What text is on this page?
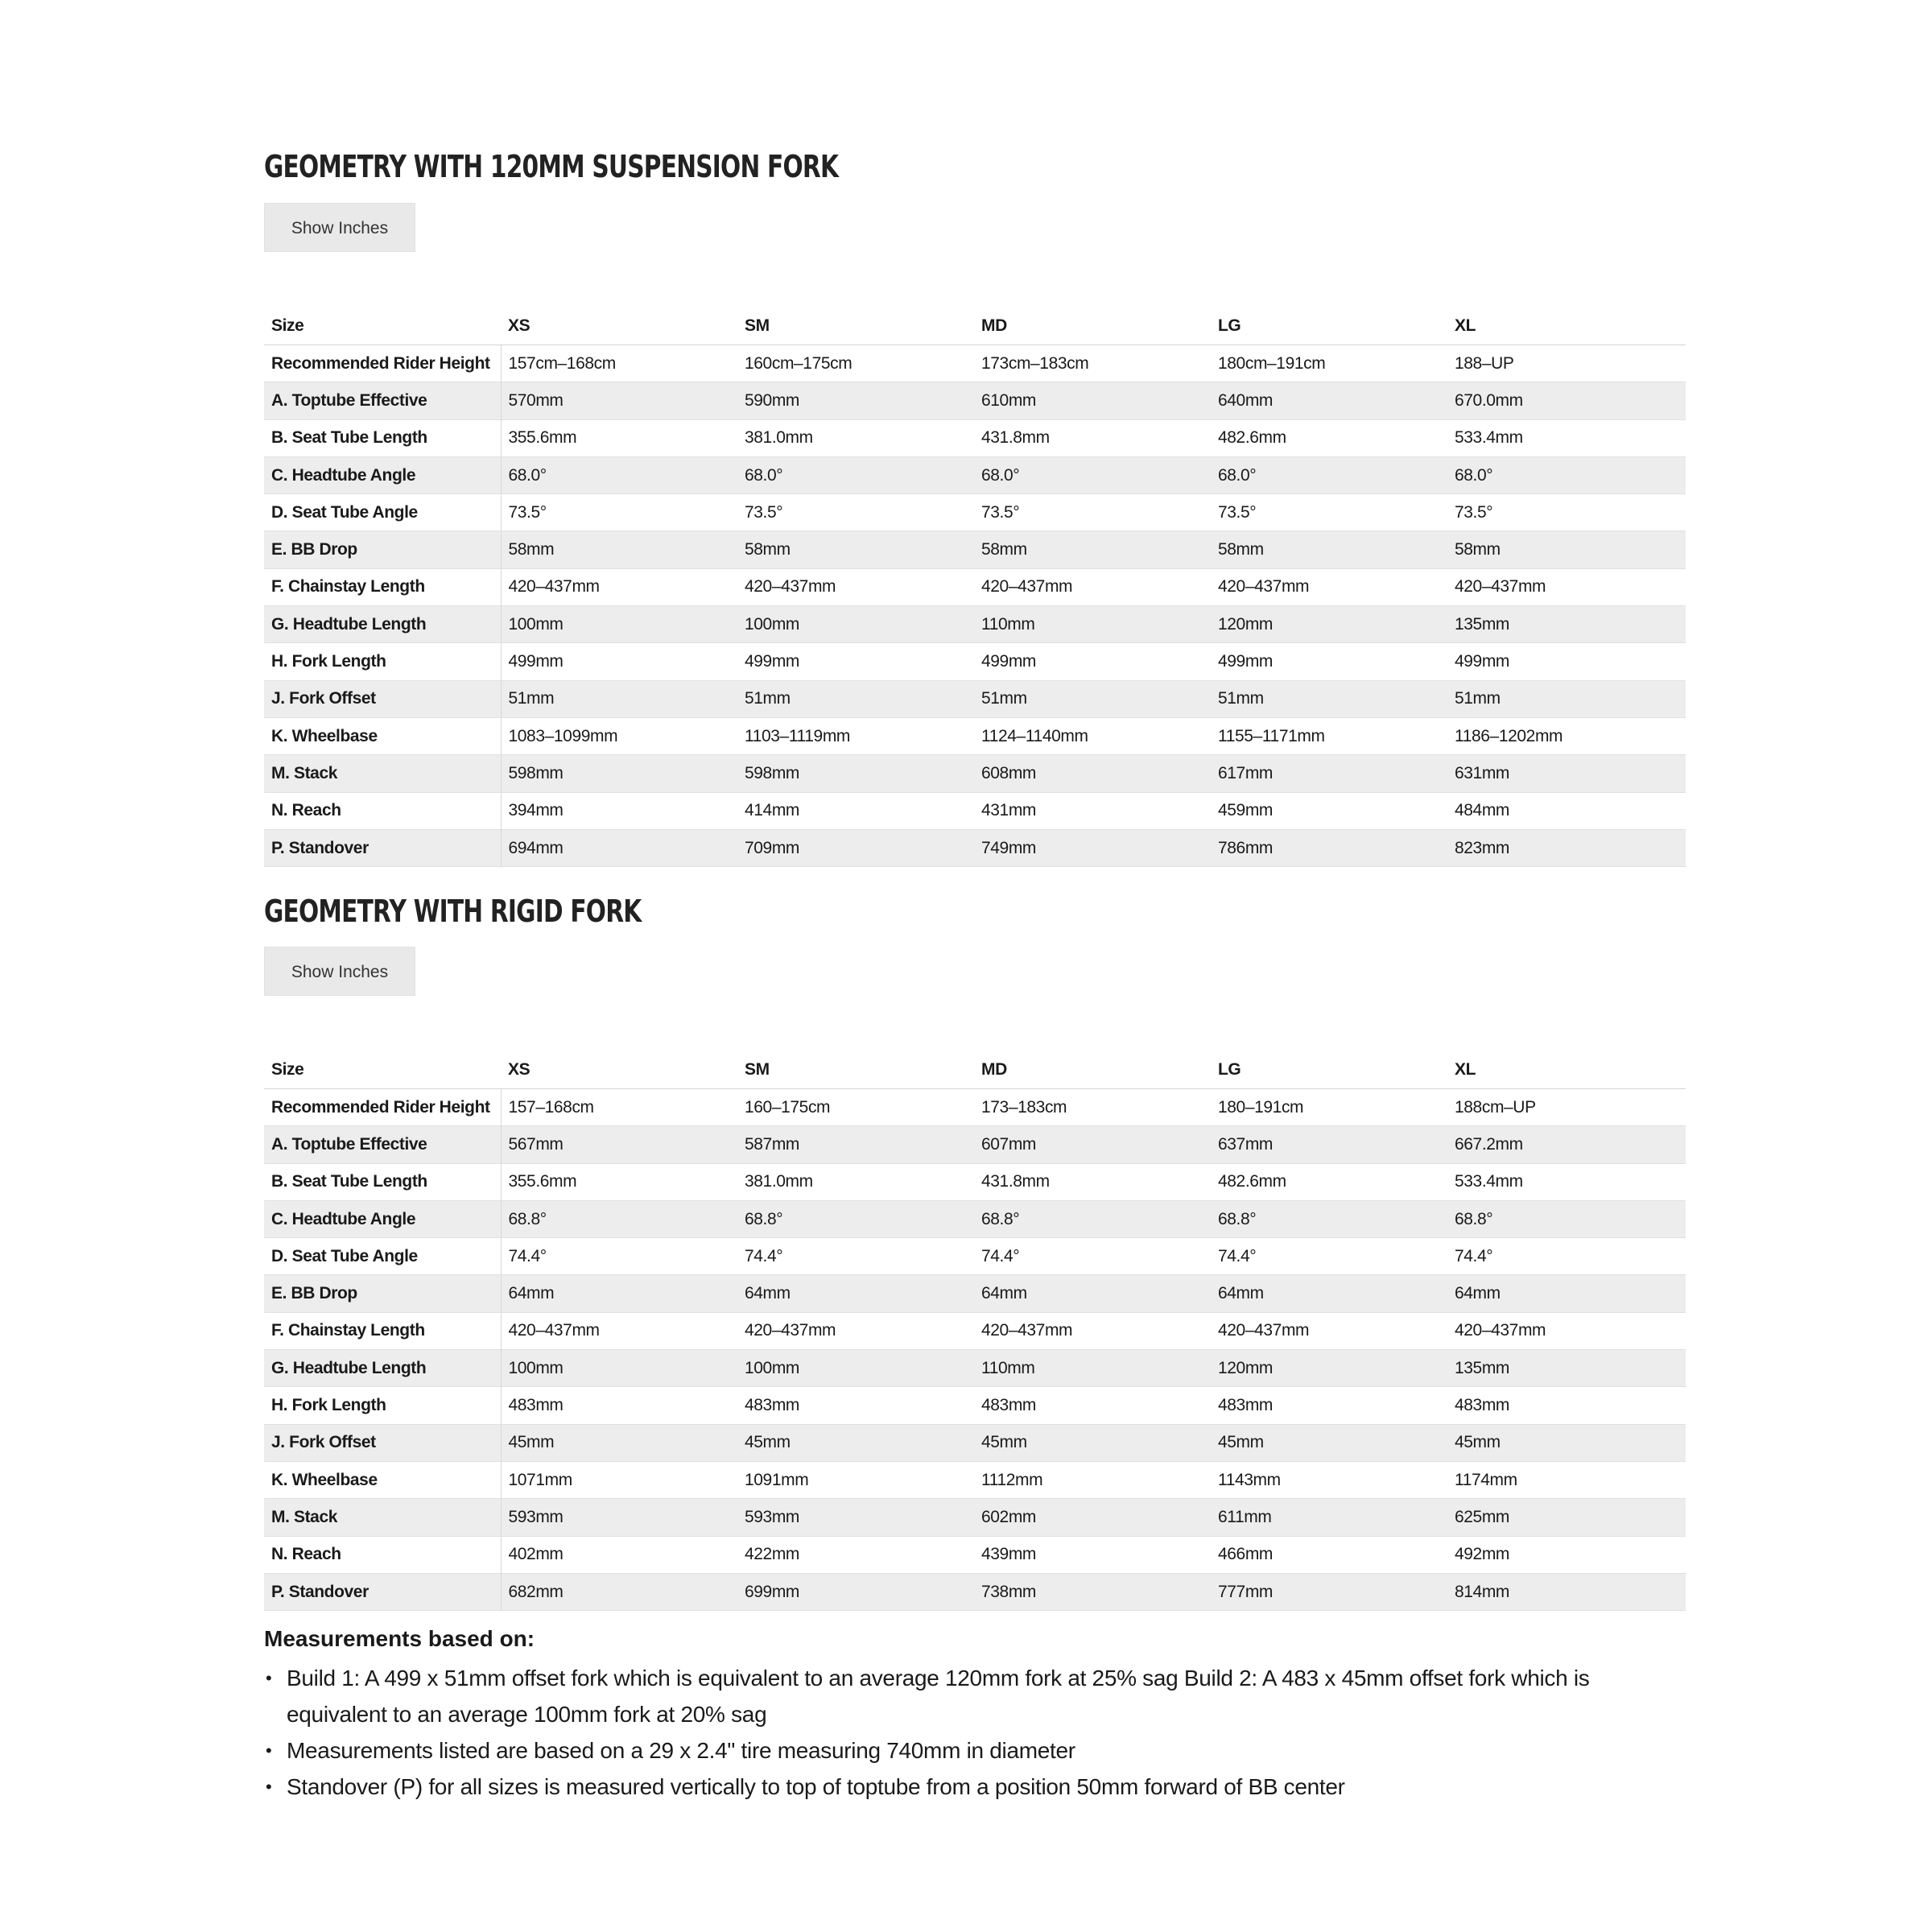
GEOMETRY WITH 120MM SUSPENSION FORK
Show Inches
Size	XS	SM	MD	LG	XL
Recommended Rider Height	157cm–168cm	160cm–175cm	173cm–183cm	180cm–191cm	188–UP
A. Toptube Effective	570mm	590mm	610mm	640mm	670.0mm
B. Seat Tube Length	355.6mm	381.0mm	431.8mm	482.6mm	533.4mm
C. Headtube Angle	68.0°	68.0°	68.0°	68.0°	68.0°
D. Seat Tube Angle	73.5°	73.5°	73.5°	73.5°	73.5°
E. BB Drop	58mm	58mm	58mm	58mm	58mm
F. Chainstay Length	420–437mm	420–437mm	420–437mm	420–437mm	420–437mm
G. Headtube Length	100mm	100mm	110mm	120mm	135mm
H. Fork Length	499mm	499mm	499mm	499mm	499mm
J. Fork Offset	51mm	51mm	51mm	51mm	51mm
K. Wheelbase	1083–1099mm	1103–1119mm	1124–1140mm	1155–1171mm	1186–1202mm
M. Stack	598mm	598mm	608mm	617mm	631mm
N. Reach	394mm	414mm	431mm	459mm	484mm
P. Standover	694mm	709mm	749mm	786mm	823mm
GEOMETRY WITH RIGID FORK
Show Inches
Size	XS	SM	MD	LG	XL
Recommended Rider Height	157–168cm	160–175cm	173–183cm	180–191cm	188cm–UP
A. Toptube Effective	567mm	587mm	607mm	637mm	667.2mm
B. Seat Tube Length	355.6mm	381.0mm	431.8mm	482.6mm	533.4mm
C. Headtube Angle	68.8°	68.8°	68.8°	68.8°	68.8°
D. Seat Tube Angle	74.4°	74.4°	74.4°	74.4°	74.4°
E. BB Drop	64mm	64mm	64mm	64mm	64mm
F. Chainstay Length	420–437mm	420–437mm	420–437mm	420–437mm	420–437mm
G. Headtube Length	100mm	100mm	110mm	120mm	135mm
H. Fork Length	483mm	483mm	483mm	483mm	483mm
J. Fork Offset	45mm	45mm	45mm	45mm	45mm
K. Wheelbase	1071mm	1091mm	1112mm	1143mm	1174mm
M. Stack	593mm	593mm	602mm	611mm	625mm
N. Reach	402mm	422mm	439mm	466mm	492mm
P. Standover	682mm	699mm	738mm	777mm	814mm
Measurements based on:
• Build 1: A 499 x 51mm offset fork which is equivalent to an average 120mm fork at 25% sag Build 2: A 483 x 45mm offset fork which is equivalent to an average 100mm fork at 20% sag
• Measurements listed are based on a 29 x 2.4" tire measuring 740mm in diameter
• Standover (P) for all sizes is measured vertically to top of toptube from a position 50mm forward of BB center
